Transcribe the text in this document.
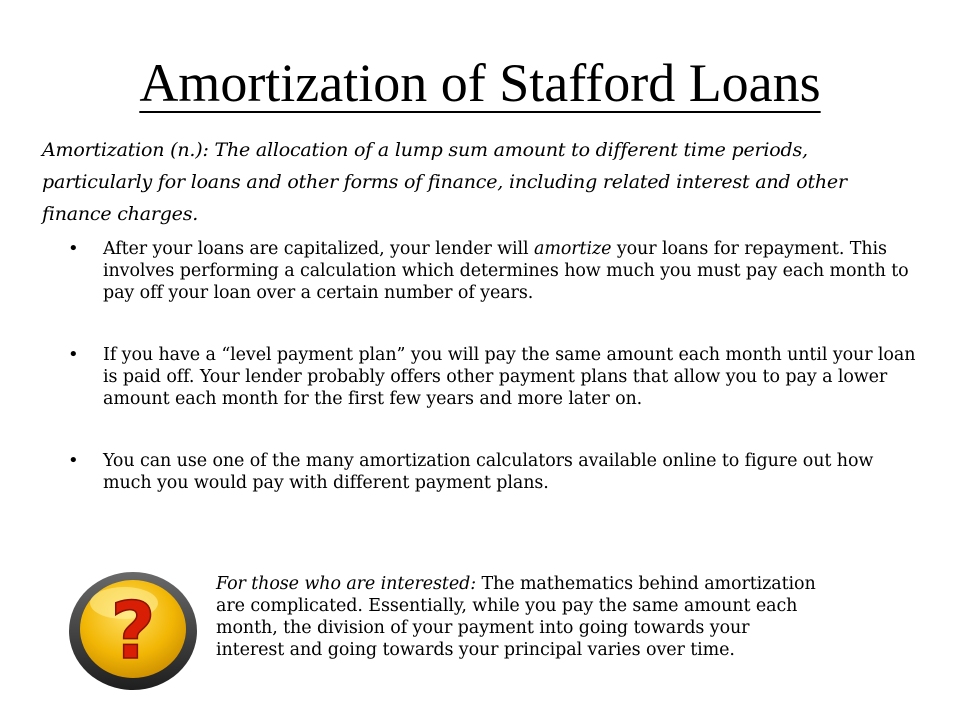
Amortization of Stafford Loans
Amortization (n.): The allocation of a lump sum amount to different time periods, particularly for loans and other forms of finance, including related interest and other finance charges.
• After your loans are capitalized, your lender will amortize your loans for repayment. This involves performing a calculation which determines how much you must pay each month to pay off your loan over a certain number of years.
• If you have a “level payment plan” you will pay the same amount each month until your loan is paid off. Your lender probably offers other payment plans that allow you to pay a lower amount each month for the first few years and more later on.
• You can use one of the many amortization calculators available online to figure out how much you would pay with different payment plans.
?
For those who are interested: The mathematics behind amortization are complicated. Essentially, while you pay the same amount each month, the division of your payment into going towards your interest and going towards your principal varies over time.
